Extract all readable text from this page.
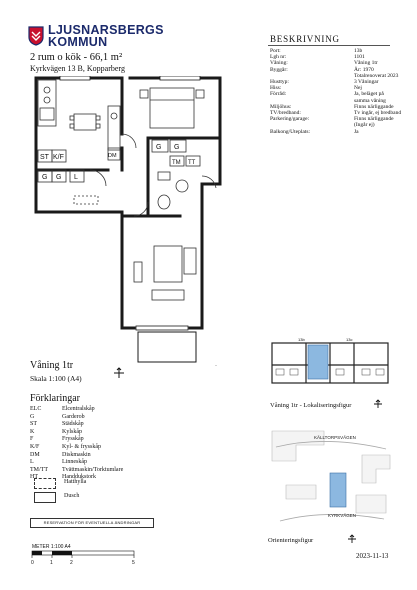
LJUSNARSBERGS
KOMMUN
2 rum o kök - 66,1 m²
Kyrkvägen 13 B, Kopparberg
ST K/F
G G L
DM
G G
TM TT
Våning 1tr
Skala 1:100 (A4)
Förklaringar
ELC	Elcentralskåp
G	Garderob
ST	Städskåp
K	Kylskåp
F	Frysskåp
K/F	Kyl- & frysskåp
DM	Diskmaskin
L	Linneskåp
TM/TT	Tvättmaskin/Torktumlare
HT	Handdukstork
Hatthylla
Dusch
RESERVATION FÖR EVENTUELLA ÄNDRINGAR
METER 1:100 A4
0	1	2	5
BESKRIVNING
Port:	13b
Lgh nr:	1101
Våning:	Våning 1tr
Byggår:	År: 1970
Totalrenoverat 2023
Husttyp:	3 Våningar
Hiss:	Nej
Förråd:	Ja, beläget på
samma våning
Miljöhus:	Finns närliggande
TV/bredband:	Tv ingår, ej bredband
Parkering/garage:	Finns närliggande
(Ingår ej)
Balkong/Uteplats:	Ja
13b	13c
Våning 1tr - Lokaliseringsfigur
KÄLLTORPSVÄGEN
KYRKVÄGEN
Orienteringsfigur
2023-11-13
